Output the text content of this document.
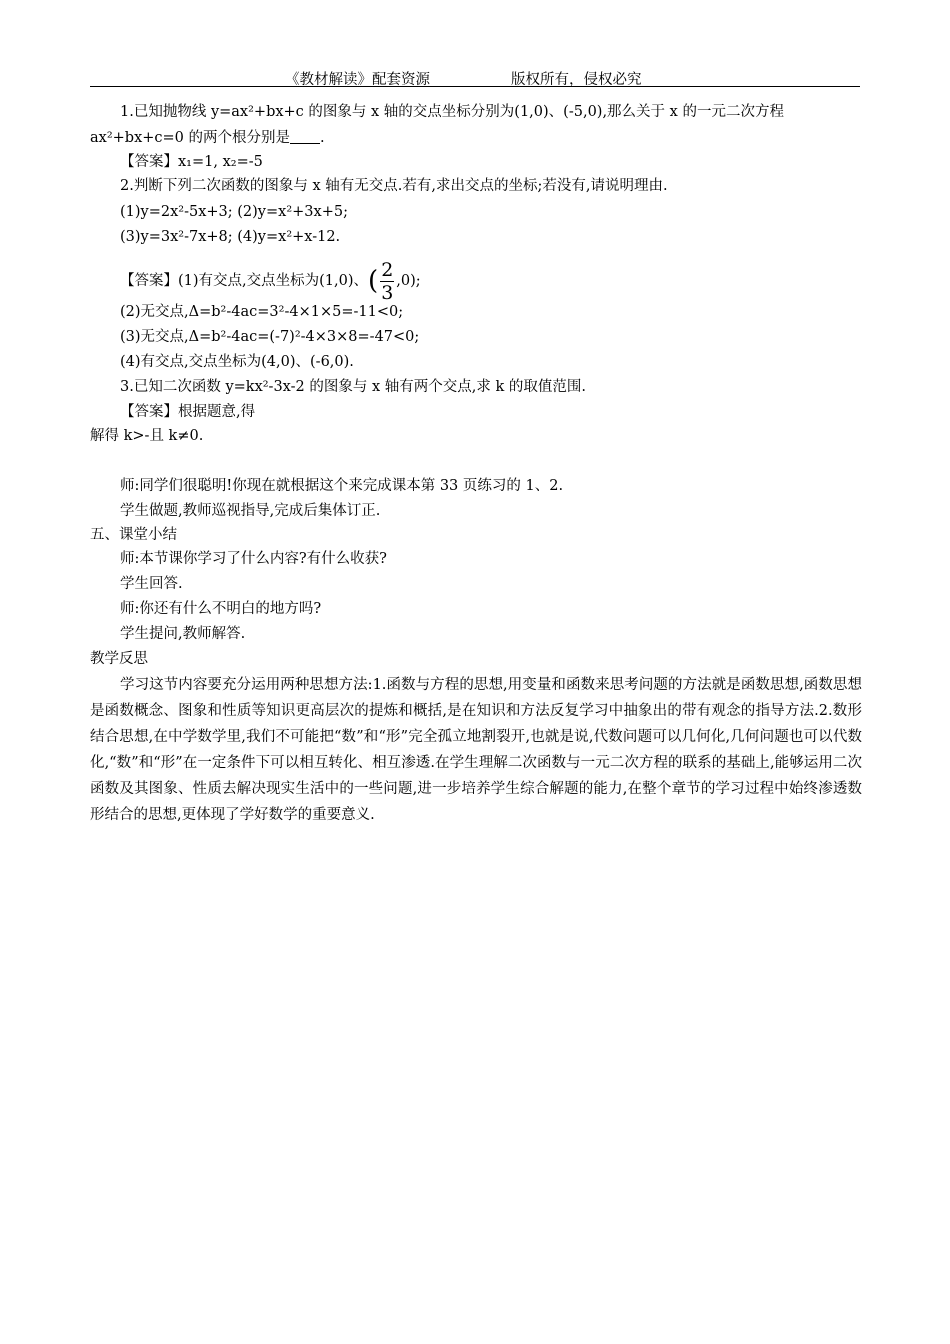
《教材解读》配套资源	版权所有，侵权必究
1.已知抛物线 y=ax²+bx+c 的图象与 x 轴的交点坐标分别为(1,0)、(-5,0),那么关于 x 的一元二次方程
ax²+bx+c=0 的两个根分别是 .
【答案】x₁=1, x₂=-5
2.判断下列二次函数的图象与 x 轴有无交点.若有,求出交点的坐标;若没有,请说明理由.
(1)y=2x²-5x+3; (2)y=x²+3x+5;
(3)y=3x²-7x+8; (4)y=x²+x-12.
【答案】(1)有交点,交点坐标为(1,0)、( $\frac{2}{3} ,0$);
(2)无交点,Δ=b²-4ac=3²-4×1×5=-11<0;
(3)无交点,Δ=b²-4ac=(-7)²-4×3×8=-47<0;
(4)有交点,交点坐标为(4,0)、(-6,0).
3.已知二次函数 y=kx²-3x-2 的图象与 x 轴有两个交点,求 k 的取值范围.
【答案】根据题意,得
解得 k>-且 k≠0.
师:同学们很聪明!你现在就根据这个来完成课本第 33 页练习的 1、2.
学生做题,教师巡视指导,完成后集体订正.
五、课堂小结
师:本节课你学习了什么内容?有什么收获?
学生回答.
师:你还有什么不明白的地方吗?
学生提问,教师解答.
教学反思
学习这节内容要充分运用两种思想方法:1.函数与方程的思想,用变量和函数来思考问题的方法就是函数思想,函数思想是函数概念、图象和性质等知识更高层次的提炼和概括,是在知识和方法反复学习中抽象出的带有观念的指导方法.2.数形结合思想,在中学数学里,我们不可能把“数”和“形”完全孤立地割裂开,也就是说,代数问题可以几何化,几何问题也可以代数化,“数”和“形”在一定条件下可以相互转化、相互渗透.在学生理解二次函数与一元二次方程的联系的基础上,能够运用二次函数及其图象、性质去解决现实生活中的一些问题,进一步培养学生综合解题的能力,在整个章节的学习过程中始终渗透数形结合的思想,更体现了学好数学的重要意义.
